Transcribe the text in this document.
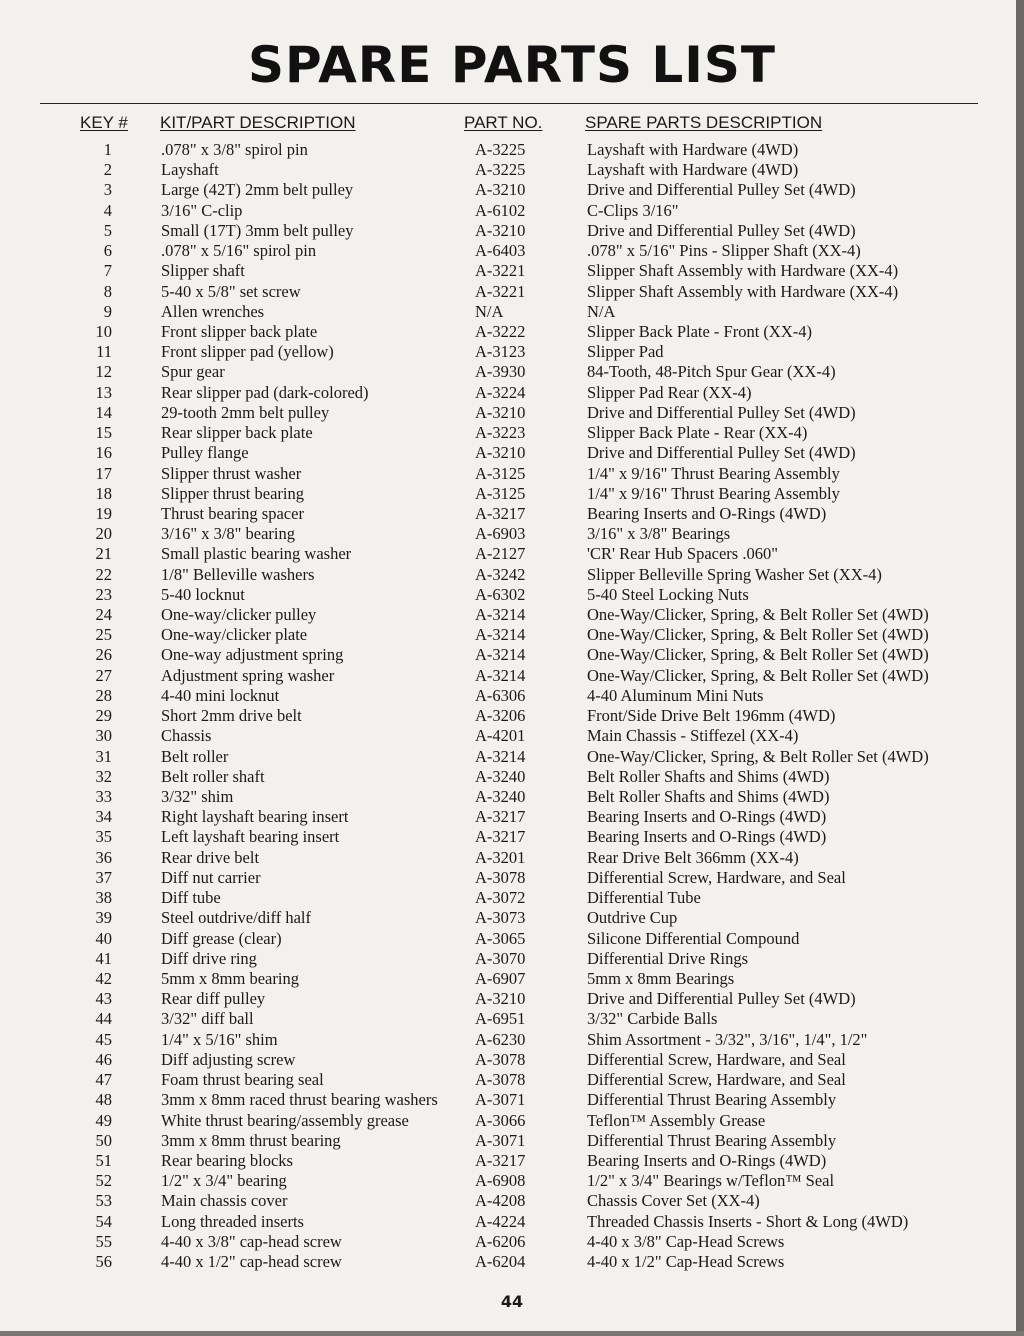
SPARE PARTS LIST
KEY # KIT/PART DESCRIPTION	PART NO.	SPARE PARTS DESCRIPTION
1	.078" x 3/8" spirol pin	A-3225	Layshaft with Hardware (4WD)
2	Layshaft	A-3225	Layshaft with Hardware (4WD)
3	Large (42T) 2mm belt pulley	A-3210	Drive and Differential Pulley Set (4WD)
4	3/16" C-clip	A-6102	C-Clips 3/16"
5	Small (17T) 3mm belt pulley	A-3210	Drive and Differential Pulley Set (4WD)
6	.078" x 5/16" spirol pin	A-6403	.078" x 5/16" Pins - Slipper Shaft (XX-4)
7	Slipper shaft	A-3221	Slipper Shaft Assembly with Hardware (XX-4)
8	5-40 x 5/8" set screw	A-3221	Slipper Shaft Assembly with Hardware (XX-4)
9	Allen wrenches	N/A	N/A
10	Front slipper back plate	A-3222	Slipper Back Plate - Front (XX-4)
11	Front slipper pad (yellow)	A-3123	Slipper Pad
12	Spur gear	A-3930	84-Tooth, 48-Pitch Spur Gear (XX-4)
13	Rear slipper pad (dark-colored)	A-3224	Slipper Pad Rear (XX-4)
14	29-tooth 2mm belt pulley	A-3210	Drive and Differential Pulley Set (4WD)
15	Rear slipper back plate	A-3223	Slipper Back Plate - Rear (XX-4)
16	Pulley flange	A-3210	Drive and Differential Pulley Set (4WD)
17	Slipper thrust washer	A-3125	1/4" x 9/16" Thrust Bearing Assembly
18	Slipper thrust bearing	A-3125	1/4" x 9/16" Thrust Bearing Assembly
19	Thrust bearing spacer	A-3217	Bearing Inserts and O-Rings (4WD)
20	3/16" x 3/8" bearing	A-6903	3/16" x 3/8" Bearings
21	Small plastic bearing washer	A-2127	'CR' Rear Hub Spacers .060"
22	1/8" Belleville washers	A-3242	Slipper Belleville Spring Washer Set (XX-4)
23	5-40 locknut	A-6302	5-40 Steel Locking Nuts
24	One-way/clicker pulley	A-3214	One-Way/Clicker, Spring, & Belt Roller Set (4WD)
25	One-way/clicker plate	A-3214	One-Way/Clicker, Spring, & Belt Roller Set (4WD)
26	One-way adjustment spring	A-3214	One-Way/Clicker, Spring, & Belt Roller Set (4WD)
27	Adjustment spring washer	A-3214	One-Way/Clicker, Spring, & Belt Roller Set (4WD)
28	4-40 mini locknut	A-6306	4-40 Aluminum Mini Nuts
29	Short 2mm drive belt	A-3206	Front/Side Drive Belt 196mm (4WD)
30	Chassis	A-4201	Main Chassis - Stiffezel (XX-4)
31	Belt roller	A-3214	One-Way/Clicker, Spring, & Belt Roller Set (4WD)
32	Belt roller shaft	A-3240	Belt Roller Shafts and Shims (4WD)
33	3/32" shim	A-3240	Belt Roller Shafts and Shims (4WD)
34	Right layshaft bearing insert	A-3217	Bearing Inserts and O-Rings (4WD)
35	Left layshaft bearing insert	A-3217	Bearing Inserts and O-Rings (4WD)
36	Rear drive belt	A-3201	Rear Drive Belt 366mm (XX-4)
37	Diff nut carrier	A-3078	Differential Screw, Hardware, and Seal
38	Diff tube	A-3072	Differential Tube
39	Steel outdrive/diff half	A-3073	Outdrive Cup
40	Diff grease (clear)	A-3065	Silicone Differential Compound
41	Diff drive ring	A-3070	Differential Drive Rings
42	5mm x 8mm bearing	A-6907	5mm x 8mm Bearings
43	Rear diff pulley	A-3210	Drive and Differential Pulley Set (4WD)
44	3/32" diff ball	A-6951	3/32" Carbide Balls
45	1/4" x 5/16" shim	A-6230	Shim Assortment - 3/32", 3/16", 1/4", 1/2"
46	Diff adjusting screw	A-3078	Differential Screw, Hardware, and Seal
47	Foam thrust bearing seal	A-3078	Differential Screw, Hardware, and Seal
48	3mm x 8mm raced thrust bearing washers A-3071	Differential Thrust Bearing Assembly
49	White thrust bearing/assembly grease	A-3066	Teflon™ Assembly Grease
50	3mm x 8mm thrust bearing	A-3071	Differential Thrust Bearing Assembly
51	Rear bearing blocks	A-3217	Bearing Inserts and O-Rings (4WD)
52	1/2" x 3/4" bearing	A-6908	1/2" x 3/4" Bearings w/Teflon™ Seal
53	Main chassis cover	A-4208	Chassis Cover Set (XX-4)
54	Long threaded inserts	A-4224	Threaded Chassis Inserts - Short & Long (4WD)
55	4-40 x 3/8" cap-head screw	A-6206	4-40 x 3/8" Cap-Head Screws
56	4-40 x 1/2" cap-head screw	A-6204	4-40 x 1/2" Cap-Head Screws
44
